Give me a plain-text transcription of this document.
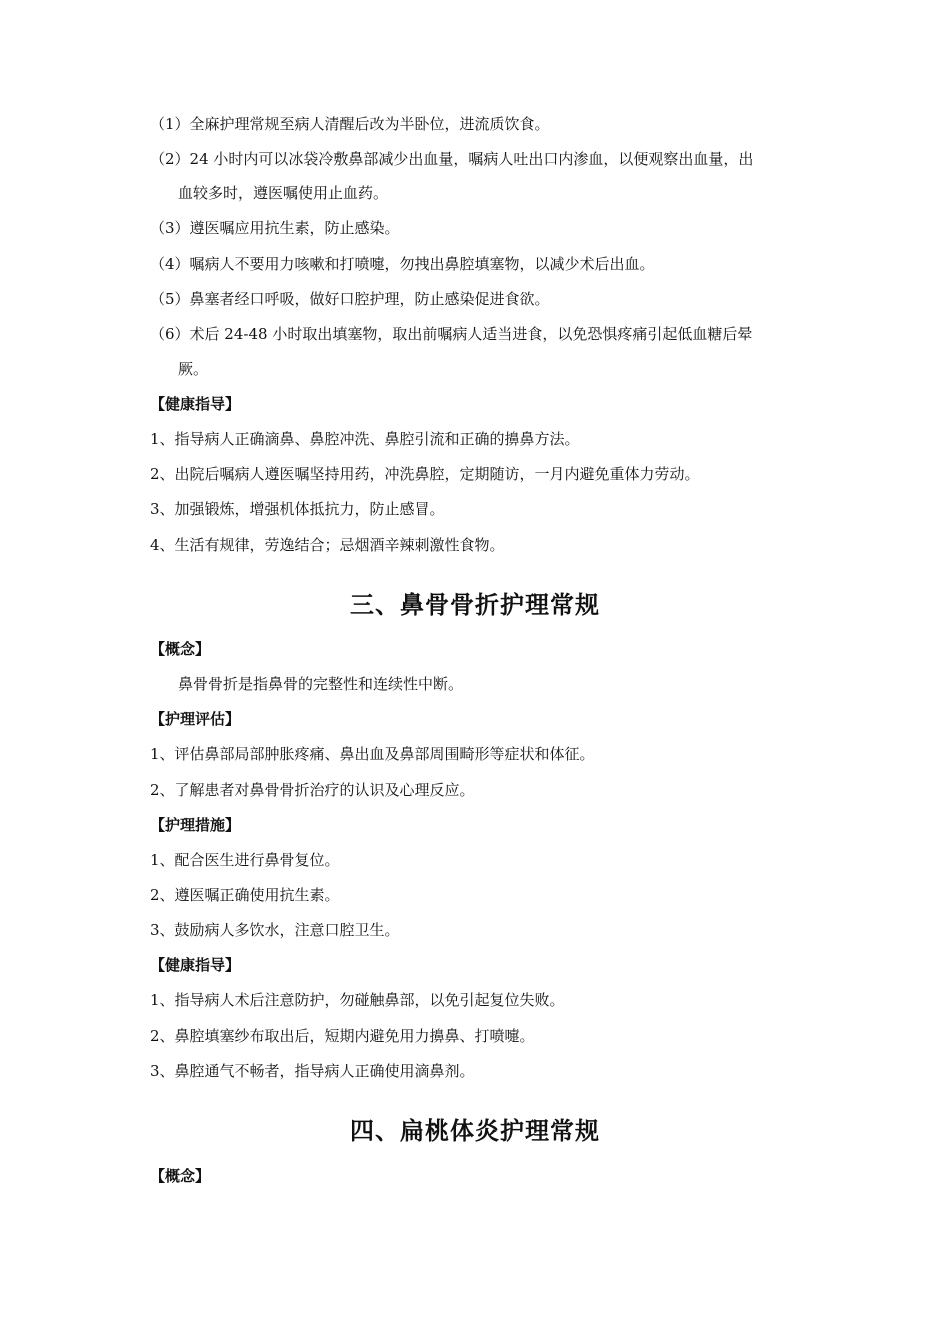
（1）全麻护理常规至病人清醒后改为半卧位，进流质饮食。
（2）24 小时内可以冰袋冷敷鼻部减少出血量，嘱病人吐出口内渗血，以便观察出血量，出
血较多时，遵医嘱使用止血药。
（3）遵医嘱应用抗生素，防止感染。
（4）嘱病人不要用力咳嗽和打喷嚏，勿拽出鼻腔填塞物，以减少术后出血。
（5）鼻塞者经口呼吸，做好口腔护理，防止感染促进食欲。
（6）术后 24-48 小时取出填塞物，取出前嘱病人适当进食，以免恐惧疼痛引起低血糖后晕
厥。
【健康指导】
1、指导病人正确滴鼻、鼻腔冲洗、鼻腔引流和正确的擤鼻方法。
2、出院后嘱病人遵医嘱坚持用药，冲洗鼻腔，定期随访，一月内避免重体力劳动。
3、加强锻炼，增强机体抵抗力，防止感冒。
4、生活有规律，劳逸结合；忌烟酒辛辣刺激性食物。
三、鼻骨骨折护理常规
【概念】
鼻骨骨折是指鼻骨的完整性和连续性中断。
【护理评估】
1、评估鼻部局部肿胀疼痛、鼻出血及鼻部周围畸形等症状和体征。
2、了解患者对鼻骨骨折治疗的认识及心理反应。
【护理措施】
1、配合医生进行鼻骨复位。
2、遵医嘱正确使用抗生素。
3、鼓励病人多饮水，注意口腔卫生。
【健康指导】
1、指导病人术后注意防护，勿碰触鼻部，以免引起复位失败。
2、鼻腔填塞纱布取出后，短期内避免用力擤鼻、打喷嚏。
3、鼻腔通气不畅者，指导病人正确使用滴鼻剂。
四、扁桃体炎护理常规
【概念】
